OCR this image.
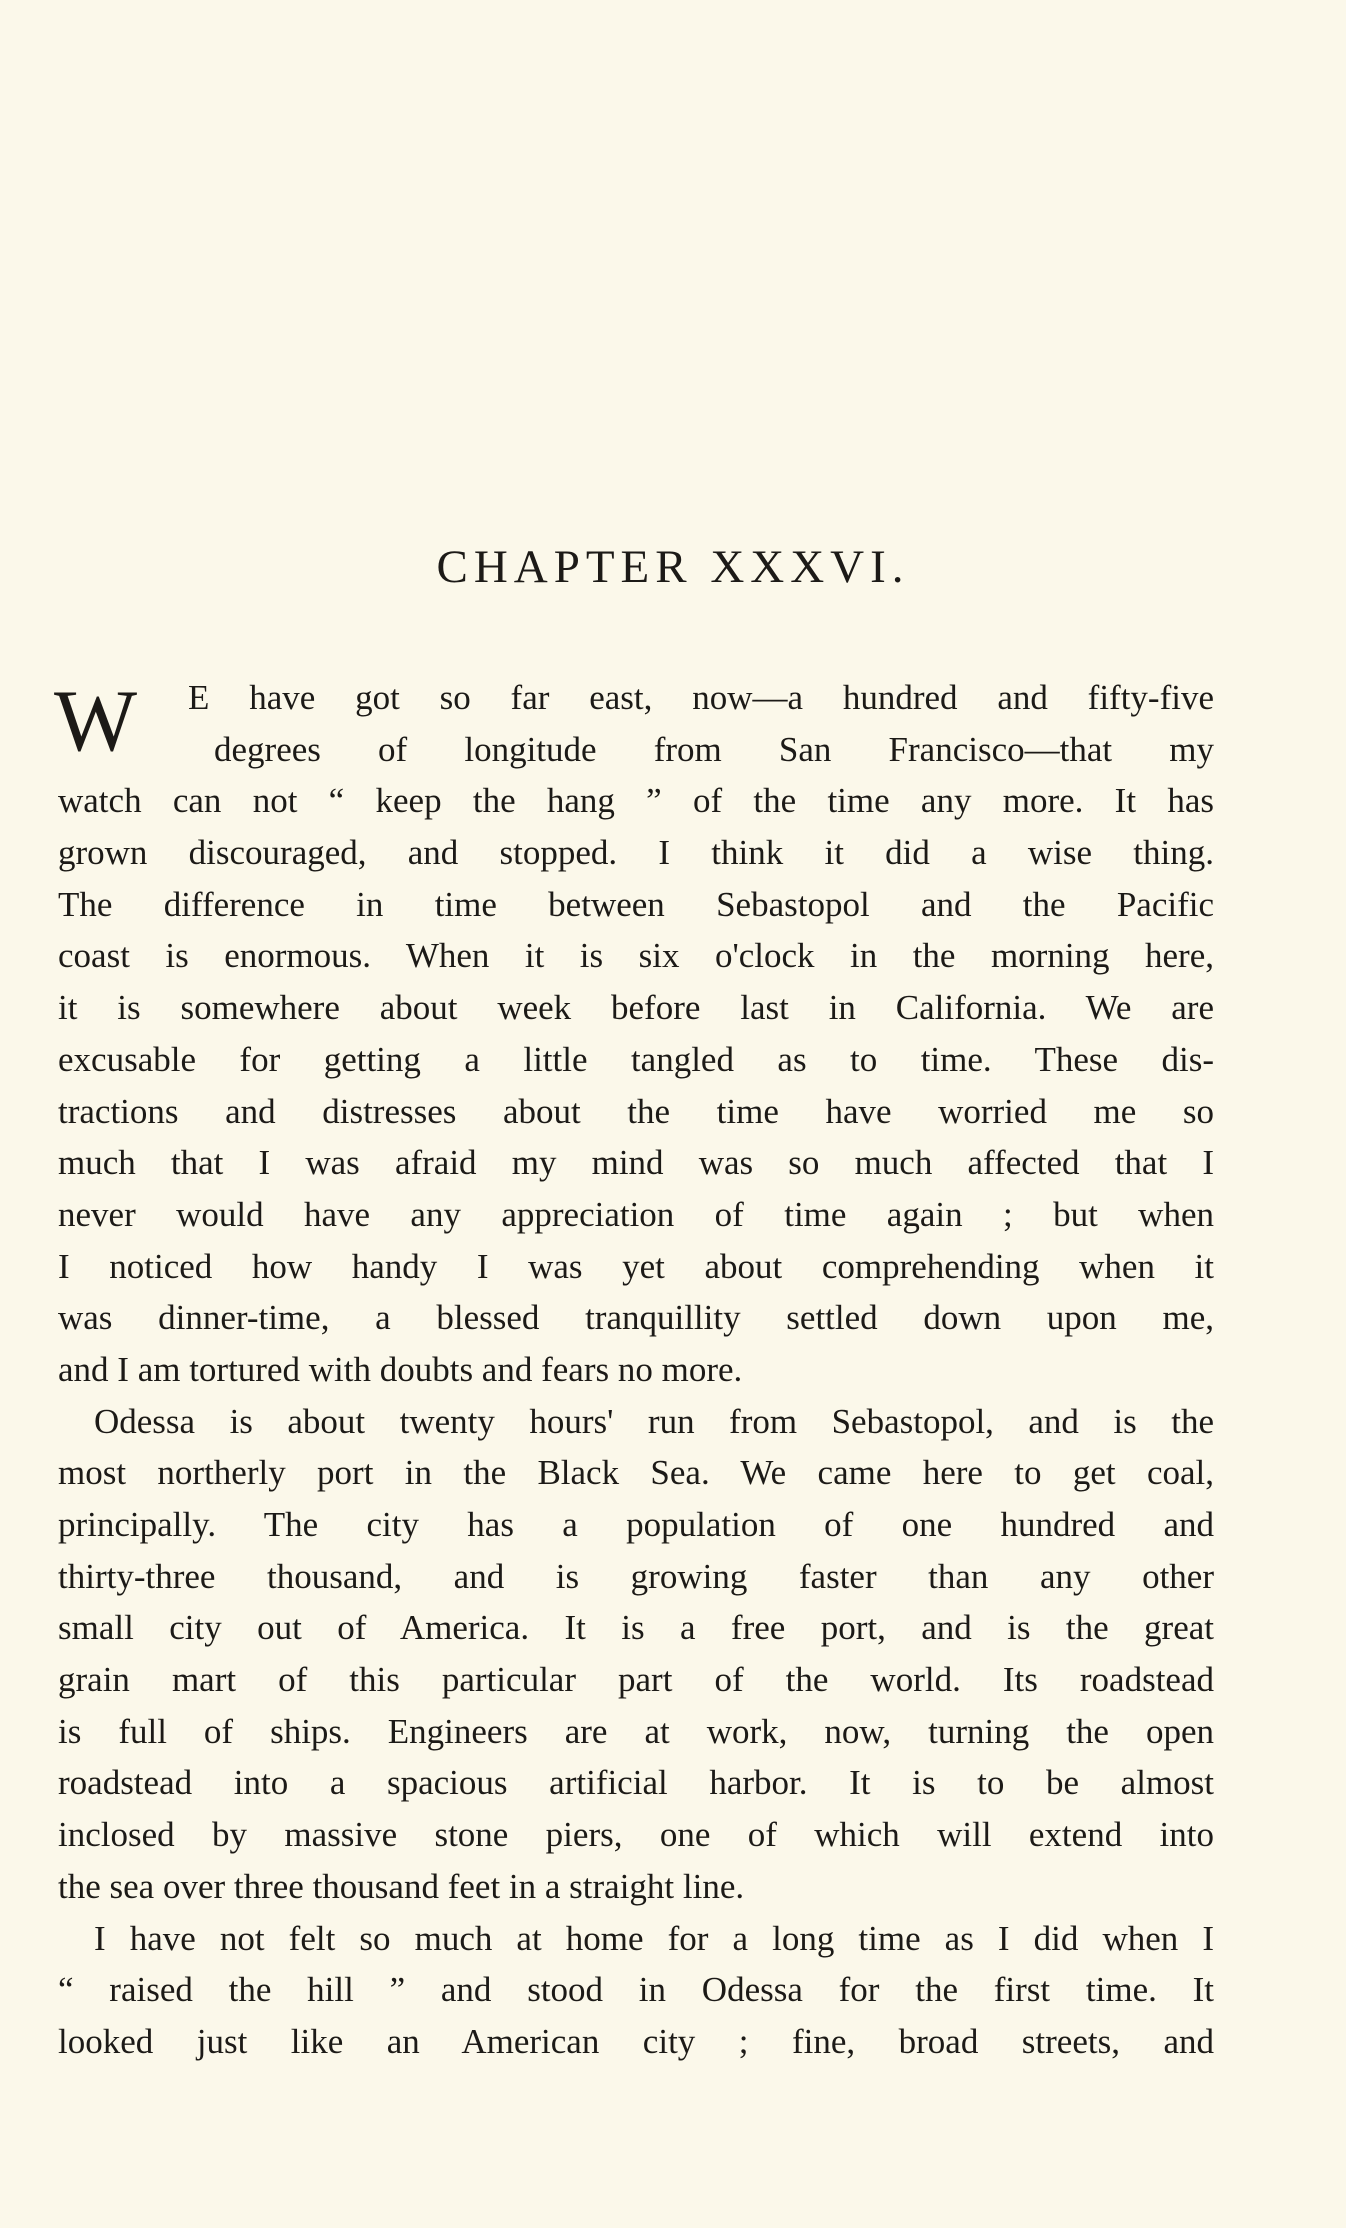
CHAPTER XXXVI.
W	E have got so far east, now—a hundred and fifty-five
degrees of longitude from San Francisco—that my
watch can not “ keep the hang ” of the time any more. It has
grown discouraged, and stopped. I think it did a wise thing.
The difference in time between Sebastopol and the Pacific
coast is enormous. When it is six o'clock in the morning here,
it is somewhere about week before last in California. We are
excusable for getting a little tangled as to time. These dis-
tractions and distresses about the time have worried me so
much that I was afraid my mind was so much affected that I
never would have any appreciation of time again ; but when
I noticed how handy I was yet about comprehending when it
was dinner-time, a blessed tranquillity settled down upon me,
and I am tortured with doubts and fears no more.
Odessa is about twenty hours' run from Sebastopol, and is the
most northerly port in the Black Sea. We came here to get coal,
principally. The city has a population of one hundred and
thirty-three thousand, and is growing faster than any other
small city out of America. It is a free port, and is the great
grain mart of this particular part of the world. Its roadstead
is full of ships. Engineers are at work, now, turning the open
roadstead into a spacious artificial harbor. It is to be almost
inclosed by massive stone piers, one of which will extend into
the sea over three thousand feet in a straight line.
I have not felt so much at home for a long time as I did when I
“ raised the hill ” and stood in Odessa for the first time. It
looked just like an American city ; fine, broad streets, and
